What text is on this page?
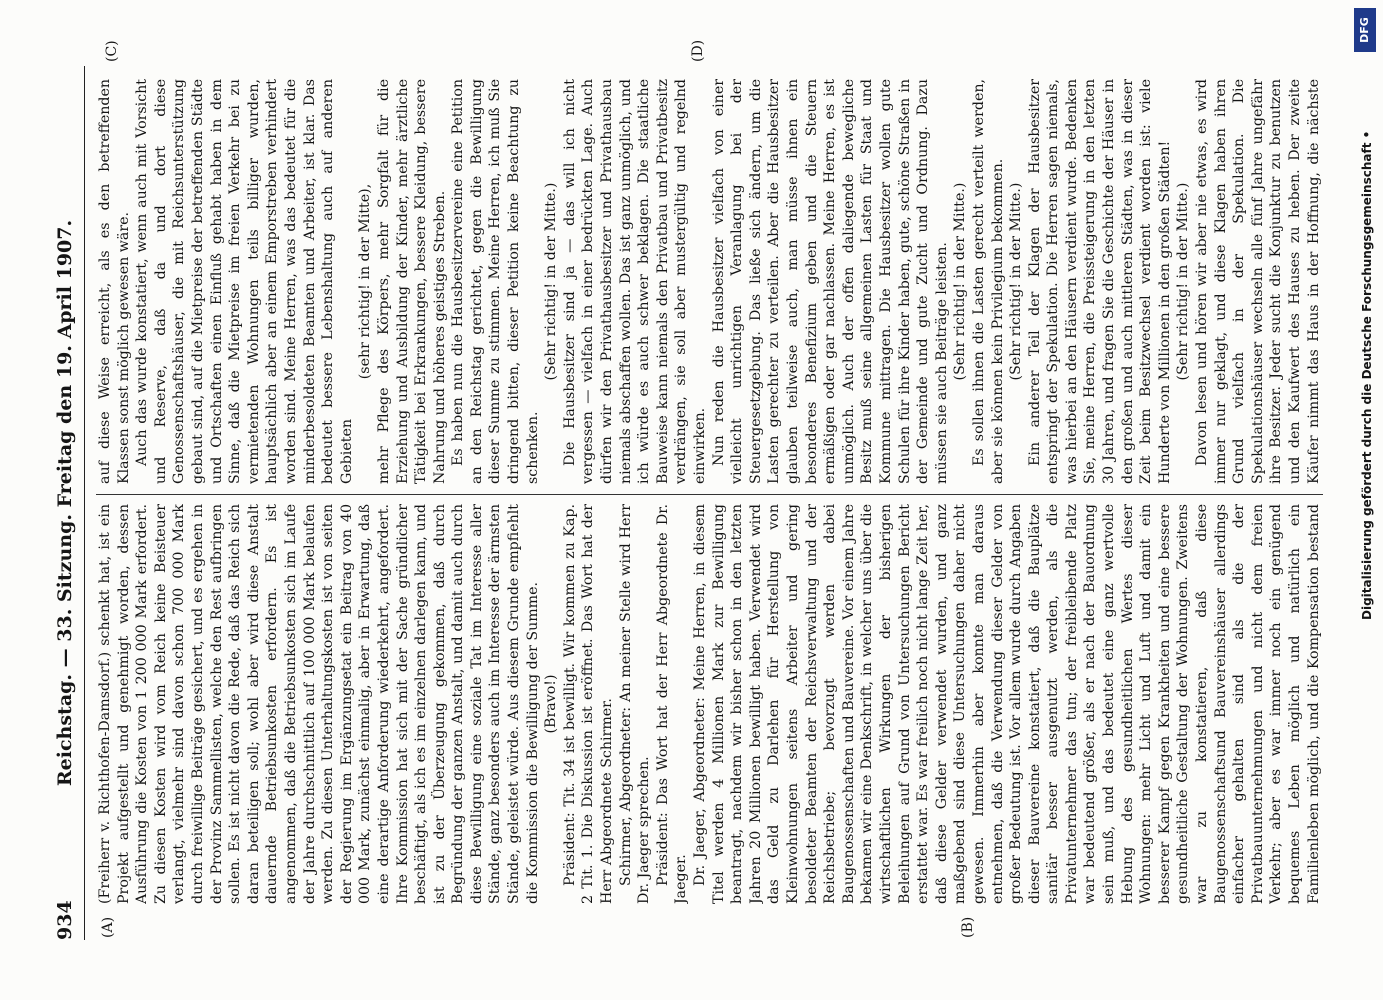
934
Reichstag. — 33. Sitzung. Freitag den 19. April 1907.
(A)	(B)
(C)	(D)

(Freiherr v. Richthofen-Damsdorf.) schenkt hat, ist ein Projekt aufgestellt und genehmigt worden, dessen Ausführung die Kosten von 1 200 000 Mark erfordert. Zu diesen Kosten wird vom Reich keine Beisteuer verlangt, vielmehr sind davon schon 700 000 Mark durch freiwillige Beiträge gesichert, und es ergehen in der Provinz Sammellisten, welche den Rest aufbringen sollen. Es ist nicht davon die Rede, daß das Reich sich daran beteiligen soll; wohl aber wird diese Anstalt dauernde Betriebsunkosten erfordern. Es ist angenommen, daß die Betriebsunkosten sich im Laufe der Jahre durchschnittlich auf 100 000 Mark belaufen werden. Zu diesen Unterhaltungskosten ist von seiten der Regierung im Ergänzungsetat ein Beitrag von 40 000 Mark, zunächst einmalig, aber in Erwartung, daß eine derartige Anforderung wiederkehrt, angefordert. Ihre Kommission hat sich mit der Sache gründlicher beschäftigt, als ich es im einzelnen darlegen kann, und ist zu der Überzeugung gekommen, daß durch Begründung der ganzen Anstalt, und damit auch durch diese Bewilligung eine soziale Tat im Interesse aller Stände, ganz besonders auch im Interesse der ärmsten Stände, geleistet würde. Aus diesem Grunde empfiehlt die Kommission die Bewilligung der Summe. (Bravo!) Präsident: Tit. 34 ist bewilligt. Wir kommen zu Kap. 2 Tit. 1. Die Diskussion ist eröffnet. Das Wort hat der Herr Abgeordnete Schirmer. Schirmer, Abgeordneter: An meiner Stelle wird Herr Dr. Jaeger sprechen. Präsident: Das Wort hat der Herr Abgeordnete Dr. Jaeger. Dr. Jaeger, Abgeordneter: Meine Herren, in diesem Titel werden 4 Millionen Mark zur Bewilligung beantragt, nachdem wir bisher schon in den letzten Jahren 20 Millionen bewilligt haben. Verwendet wird das Geld zu Darlehen für Herstellung von Kleinwohnungen seitens Arbeiter und gering besoldeter Beamten der Reichsverwaltung und der Reichsbetriebe; bevorzugt werden dabei Baugenossenschaften und Bauvereine. Vor einem Jahre bekamen wir eine Denkschrift, in welcher uns über die wirtschaftlichen Wirkungen der bisherigen Beleihungen auf Grund von Untersuchungen Bericht erstattet war. Es war freilich noch nicht lange Zeit her, daß diese Gelder verwendet wurden, und ganz maßgebend sind diese Untersuchungen daher nicht gewesen. Immerhin aber konnte man daraus entnehmen, daß die Verwendung dieser Gelder von großer Bedeutung ist. Vor allem wurde durch Angaben dieser Bauvereine konstatiert, daß die Bauplätze sanitär besser ausgenutzt werden, als die Privatunternehmer das tun; der freibleibende Platz war bedeutend größer, als er nach der Bauordnung sein muß, und das bedeutet eine ganz wertvolle Hebung des gesundheitlichen Wertes dieser Wohnungen: mehr Licht und Luft und damit ein besserer Kampf gegen Krankheiten und eine bessere gesundheitliche Gestaltung der Wohnungen. Zweitens war zu konstatieren, daß diese Baugenossenschaftsund Bauvereinshäuser allerdings einfacher gehalten sind als die der Privatbauunternehmungen und nicht dem freien Verkehr; aber es war immer noch ein genügend bequemes Leben möglich und natürlich ein Familienleben möglich, und die Kompensation bestand

auf diese Weise erreicht, als es den betreffenden Klassen sonst möglich gewesen wäre. Auch das wurde konstatiert, wenn auch mit Vorsicht und Reserve, daß da und dort diese Genossenschaftshäuser, die mit Reichsunterstützung gebaut sind, auf die Mietpreise der betreffenden Städte und Ortschaften einen Einfluß gehabt haben in dem Sinne, daß die Mietpreise im freien Verkehr bei zu vermietenden Wohnungen teils billiger wurden, hauptsächlich aber an einem Emporstreben verhindert worden sind. Meine Herren, was das bedeutet für die minderbesoldeten Beamten und Arbeiter, ist klar. Das bedeutet bessere Lebenshaltung auch auf anderen Gebieten

(sehr richtig! in der Mitte), mehr Pflege des Körpers, mehr Sorgfalt für die Erziehung und Ausbildung der Kinder, mehr ärztliche Tätigkeit bei Erkrankungen, bessere Kleidung, bessere Nahrung und höheres geistiges Streben. Es haben nun die Hausbesitzervereine eine Petition an den Reichstag gerichtet, gegen die Bewilligung dieser Summe zu stimmen. Meine Herren, ich muß Sie dringend bitten, dieser Petition keine Beachtung zu schenken.

(Sehr richtig! in der Mitte.) Die Hausbesitzer sind ja — das will ich nicht vergessen — vielfach in einer bedrückten Lage. Auch dürfen wir den Privathausbesitzer und Privathausbau niemals abschaffen wollen. Das ist ganz unmöglich, und ich würde es auch schwer beklagen. Die staatliche Bauweise kann niemals den Privatbau und Privatbesitz verdrängen, sie soll aber mustergültig und regelnd einwirken. Nun reden die Hausbesitzer vielfach von einer vielleicht unrichtigen Veranlagung bei der Steuergesetzgebung. Das ließe sich ändern, um die Lasten gerechter zu verteilen. Aber die Hausbesitzer glauben teilweise auch, man müsse ihnen ein besonderes Benefizium geben und die Steuern ermäßigen oder gar nachlassen. Meine Herren, es ist unmöglich. Auch der offen daliegende bewegliche Besitz muß seine allgemeinen Lasten für Staat und Kommune mittragen. Die Hausbesitzer wollen gute Schulen für ihre Kinder haben, gute, schöne Straßen in der Gemeinde und gute Zucht und Ordnung. Dazu müssen sie auch Beiträge leisten. (Sehr richtig! in der Mitte.) Es sollen ihnen die Lasten gerecht verteilt werden, aber sie können kein Privilegium bekommen. (Sehr richtig! in der Mitte.) Ein anderer Teil der Klagen der Hausbesitzer entspringt der Spekulation. Die Herren sagen niemals, was hierbei an den Häusern verdient wurde. Bedenken Sie, meine Herren, die Preissteigerung in den letzten 30 Jahren, und fragen Sie die Geschichte der Häuser in den großen und auch mittleren Städten, was in dieser Zeit beim Besitzwechsel verdient worden ist: viele Hunderte von Millionen in den großen Städten! (Sehr richtig! in der Mitte.)

Davon lesen und hören wir aber nie etwas, es wird immer nur geklagt, und diese Klagen haben ihren Grund vielfach in der Spekulation. Die Spekulationshäuser wechseln alle fünf Jahre ungefähr ihre Besitzer. Jeder sucht die Konjunktur zu benutzen und den Kaufwert des Hauses zu heben. Der zweite Käufer nimmt das Haus in der Hoffnung, die nächste

Digitalisierung gefördert durch die Deutsche Forschungsgemeinschaft •
DFG
